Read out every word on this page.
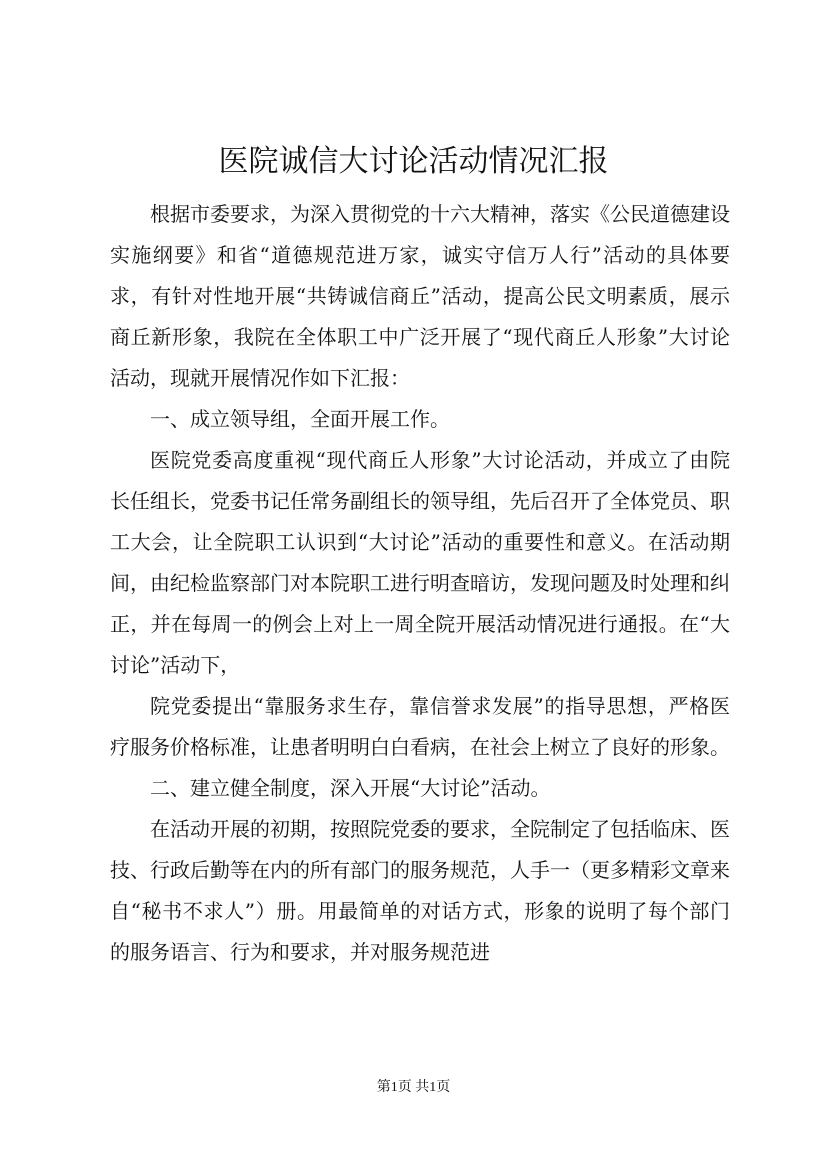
医院诚信大讨论活动情况汇报

根据市委要求，为深入贯彻党的十六大精神，落实《公民道德建设实施纲要》和省“道德规范进万家，诚实守信万人行”活动的具体要求，有针对性地开展“共铸诚信商丘”活动，提高公民文明素质，展示商丘新形象，我院在全体职工中广泛开展了“现代商丘人形象”大讨论活动，现就开展情况作如下汇报：

一、成立领导组，全面开展工作。

医院党委高度重视“现代商丘人形象”大讨论活动，并成立了由院长任组长，党委书记任常务副组长的领导组，先后召开了全体党员、职工大会，让全院职工认识到“大讨论”活动的重要性和意义。在活动期间，由纪检监察部门对本院职工进行明查暗访，发现问题及时处理和纠正，并在每周一的例会上对上一周全院开展活动情况进行通报。在“大讨论”活动下，

院党委提出“靠服务求生存，靠信誉求发展”的指导思想，严格医疗服务价格标准，让患者明明白白看病，在社会上树立了良好的形象。

二、建立健全制度，深入开展“大讨论”活动。

在活动开展的初期，按照院党委的要求，全院制定了包括临床、医技、行政后勤等在内的所有部门的服务规范，人手一（更多精彩文章来自“秘书不求人”）册。用最简单的对话方式，形象的说明了每个部门的服务语言、行为和要求，并对服务规范进

第1页 共1页
